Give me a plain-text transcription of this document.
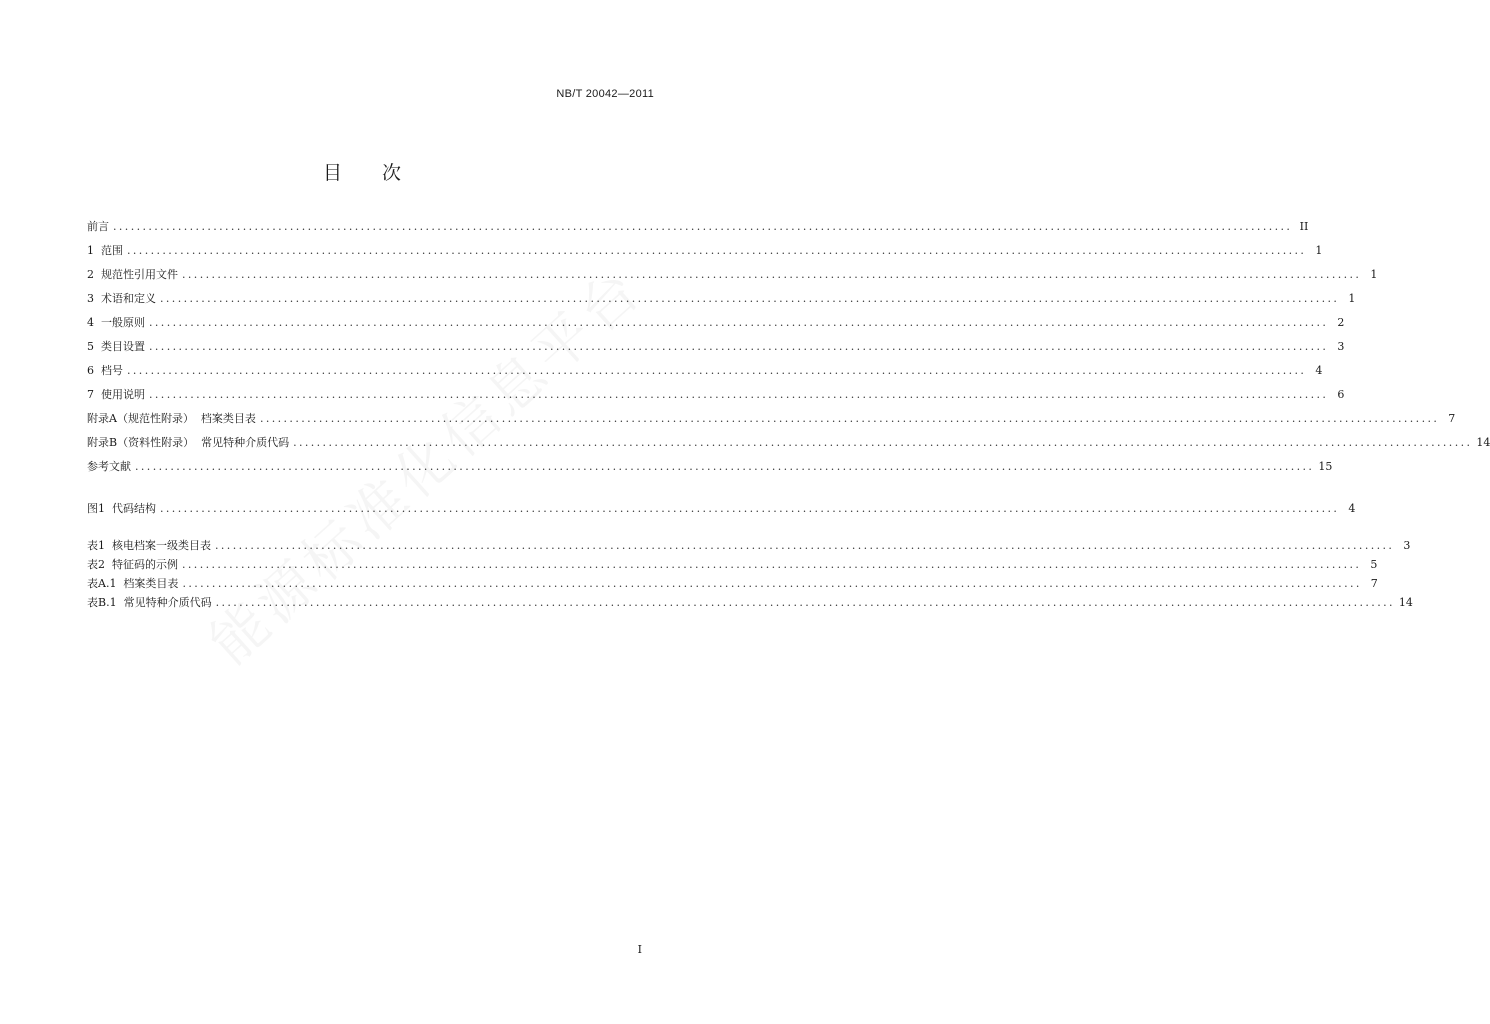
NB/T 20042—2011
目次
前言 ........................................................................................................................................................................................................ II
1  范围 ........................................................................................................................................................................................................ 1
2  规范性引用文件 ........................................................................................................................................................................................................ 1
3  术语和定义 ........................................................................................................................................................................................................ 1
4  一般原则 ........................................................................................................................................................................................................ 2
5  类目设置 ........................................................................................................................................................................................................ 3
6  档号 ........................................................................................................................................................................................................ 4
7  使用说明 ........................................................................................................................................................................................................ 6
附录A（规范性附录）  档案类目表 ........................................................................................................................................................................................................ 7
附录B（资料性附录）  常见特种介质代码 ........................................................................................................................................................................................................ 14
参考文献 ........................................................................................................................................................................................................ 15
图1  代码结构 ........................................................................................................................................................................................................ 4
表1  核电档案一级类目表 ........................................................................................................................................................................................................ 3
表2  特征码的示例 ........................................................................................................................................................................................................ 5
表A.1  档案类目表 ........................................................................................................................................................................................................ 7
表B.1  常见特种介质代码 ........................................................................................................................................................................................................ 14
I
